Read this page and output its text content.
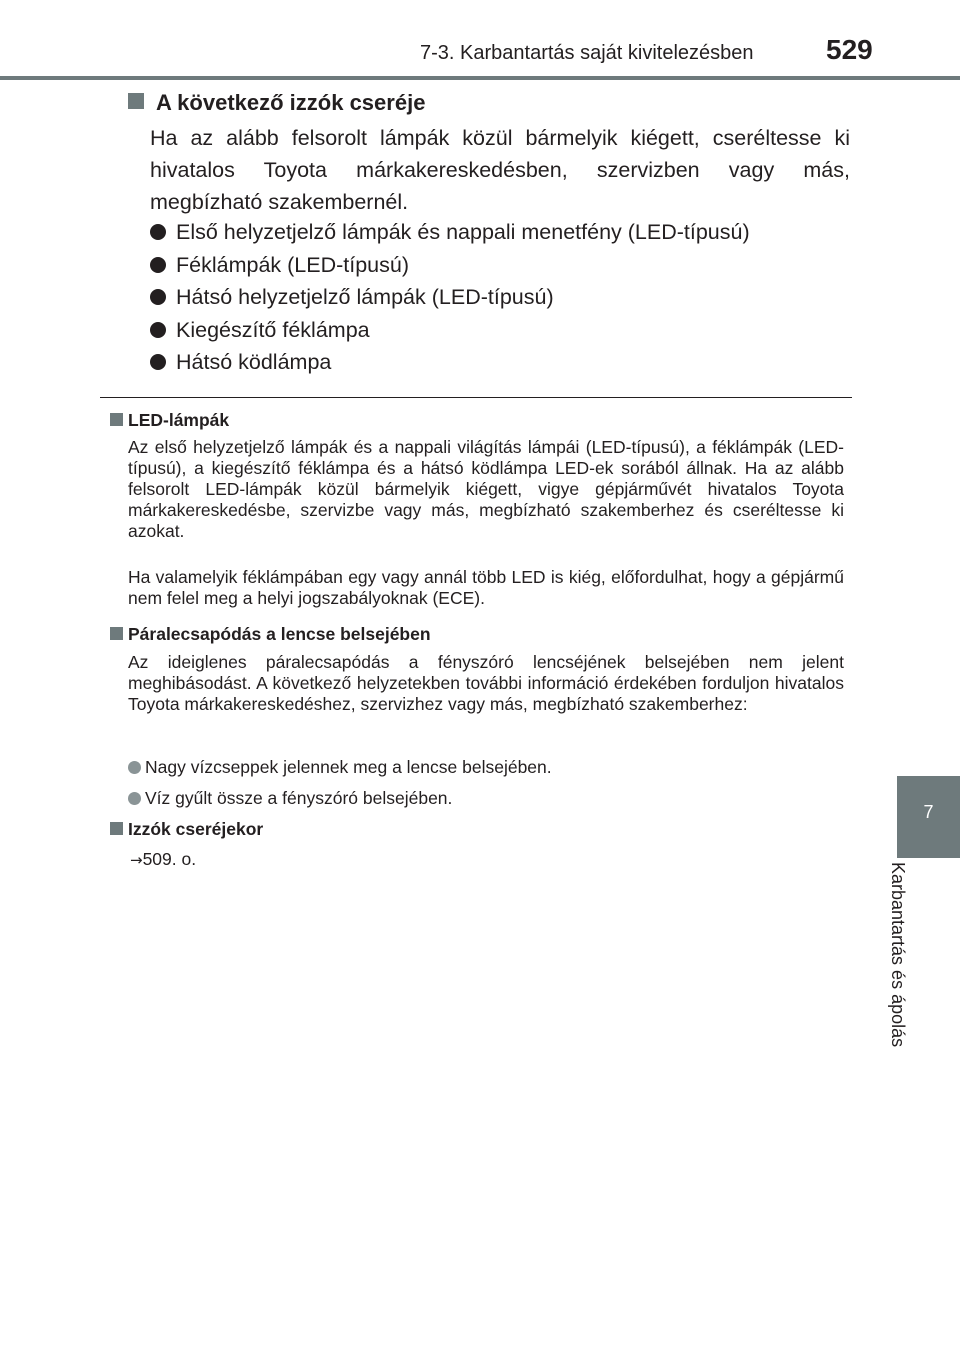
7-3. Karbantartás saját kivitelezésben	529
7
Karbantartás és ápolás
A következő izzók cseréje
Ha az alább felsorolt lámpák közül bármelyik kiégett, cseréltesse ki hivatalos Toyota márkakereskedésben, szervizben vagy más, megbízható szakembernél.
Első helyzetjelző lámpák és nappali menetfény (LED-típusú)
Féklámpák (LED-típusú)
Hátsó helyzetjelző lámpák (LED-típusú)
Kiegészítő féklámpa
Hátsó ködlámpa
LED-lámpák
Az első helyzetjelző lámpák és a nappali világítás lámpái (LED-típusú), a féklámpák (LED-típusú), a kiegészítő féklámpa és a hátsó ködlámpa LED-ek sorából állnak. Ha az alább felsorolt LED-lámpák közül bármelyik kiégett, vigye gépjárművét hivatalos Toyota márkakereskedésbe, szervizbe vagy más, megbízható szakemberhez és cseréltesse ki azokat.
Ha valamelyik féklámpában egy vagy annál több LED is kiég, előfordulhat, hogy a gépjármű nem felel meg a helyi jogszabályoknak (ECE).
Páralecsapódás a lencse belsejében
Az ideiglenes páralecsapódás a fényszóró lencséjének belsejében nem jelent meghibásodást. A következő helyzetekben további információ érdekében forduljon hivatalos Toyota márkakereskedéshez, szervizhez vagy más, megbízható szakemberhez:
Nagy vízcseppek jelennek meg a lencse belsejében.
Víz gyűlt össze a fényszóró belsejében.
Izzók cseréjekor
→509. o.
